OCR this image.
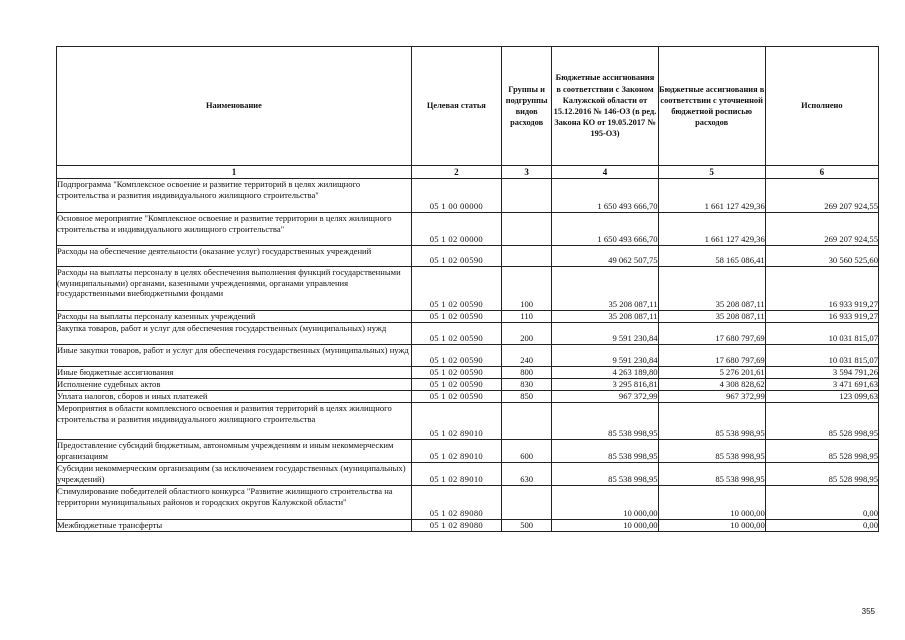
Наименование	Целевая статья	Группы и подгруппы видов расходов	Бюджетные ассигнования в соответствии с Законом Калужской области от 15.12.2016 № 146-ОЗ (в ред. Закона КО от 19.05.2017 № 195-ОЗ)	Бюджетные ассигнования в соответствии с уточненной бюджетной росписью расходов	Исполнено
1	2	3	4	5	6
Подпрограмма "Комплексное освоение и развитие территорий в целях жилищного строительства и развития индивидуального жилищного строительства"	05 1 00 00000		1 650 493 666,70	1 661 127 429,36	269 207 924,55
Основное мероприятие "Комплексное освоение и развитие территории в целях жилищного строительства и индивидуального жилищного строительства"	05 1 02 00000		1 650 493 666,70	1 661 127 429,36	269 207 924,55
Расходы на обеспечение деятельности (оказание услуг) государственных учреждений	05 1 02 00590		49 062 507,75	58 165 086,41	30 560 525,60
Расходы на выплаты персоналу в целях обеспечения выполнения функций государственными (муниципальными) органами, казенными учреждениями, органами управления государственными внебюджетными фондами	05 1 02 00590	100	35 208 087,11	35 208 087,11	16 933 919,27
Расходы на выплаты персоналу казенных учреждений	05 1 02 00590	110	35 208 087,11	35 208 087,11	16 933 919,27
Закупка товаров, работ и услуг для обеспечения государственных (муниципальных) нужд	05 1 02 00590	200	9 591 230,84	17 680 797,69	10 031 815,07
Иные закупки товаров, работ и услуг для обеспечения государственных (муниципальных) нужд	05 1 02 00590	240	9 591 230,84	17 680 797,69	10 031 815,07
Иные бюджетные ассигнования	05 1 02 00590	800	4 263 189,80	5 276 201,61	3 594 791,26
Исполнение судебных актов	05 1 02 00590	830	3 295 816,81	4 308 828,62	3 471 691,63
Уплата налогов, сборов и иных платежей	05 1 02 00590	850	967 372,99	967 372,99	123 099,63
Мероприятия в области комплексного освоения и развития территорий в целях жилищного строительства и развития индивидуального жилищного строительства	05 1 02 89010		85 538 998,95	85 538 998,95	85 528 998,95
Предоставление субсидий бюджетным, автономным учреждениям и иным некоммерческим организациям	05 1 02 89010	600	85 538 998,95	85 538 998,95	85 528 998,95
Субсидии некоммерческим организациям (за исключением государственных (муниципальных) учреждений)	05 1 02 89010	630	85 538 998,95	85 538 998,95	85 528 998,95
Стимулирование победителей областного конкурса "Развитие жилищного строительства на территории муниципальных районов и городских округов Калужской области"	05 1 02 89080		10 000,00	10 000,00	0,00
Межбюджетные трансферты	05 1 02 89080	500	10 000,00	10 000,00	0,00
355
